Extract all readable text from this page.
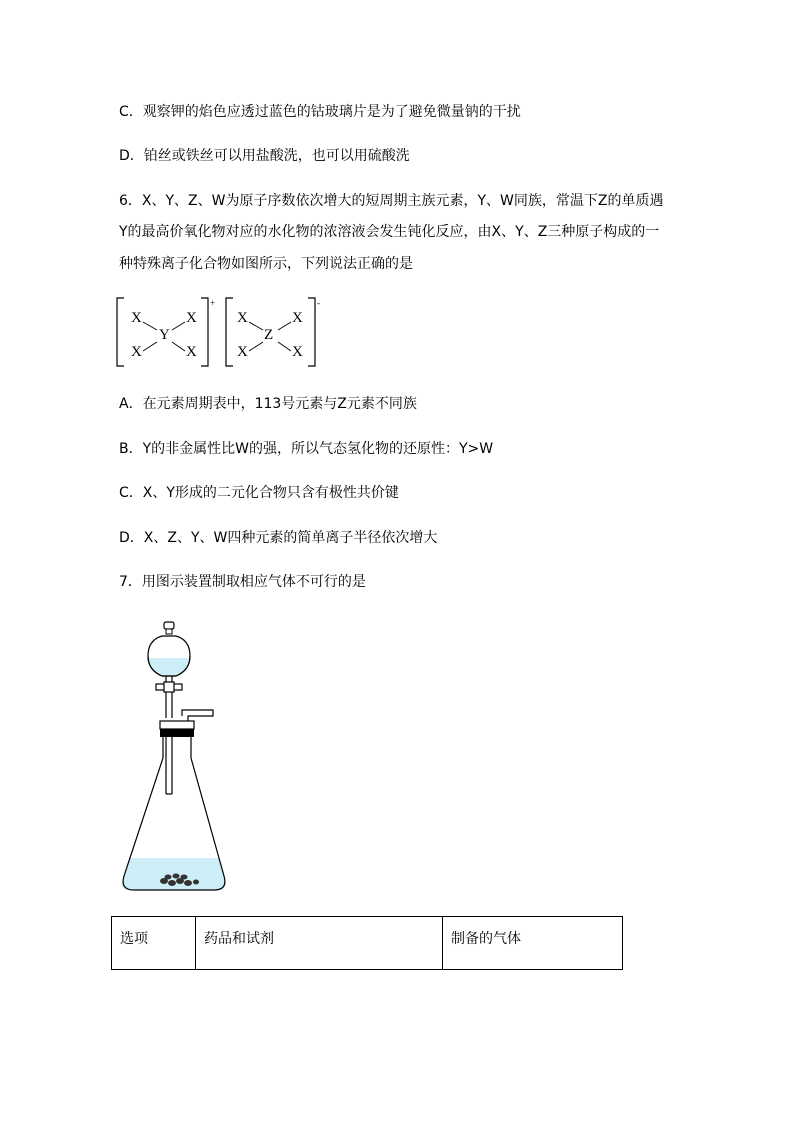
C．观察钾的焰色应透过蓝色的钴玻璃片是为了避免微量钠的干扰
D．铂丝或铁丝可以用盐酸洗，也可以用硫酸洗
6．X、Y、Z、W为原子序数依次增大的短周期主族元素，Y、W同族，常温下Z的单质遇
Y的最高价氧化物对应的水化物的浓溶液会发生钝化反应，由X、Y、Z三种原子构成的一
种特殊离子化合物如图所示，下列说法正确的是
+
X	X
X	X
Y
-
X	X
X	X
Z
A．在元素周期表中，113号元素与Z元素不同族
B．Y的非金属性比W的强，所以气态氢化物的还原性：Y>W
C．X、Y形成的二元化合物只含有极性共价键
D．X、Z、Y、W四种元素的简单离子半径依次增大
7．用图示装置制取相应气体不可行的是
选项	药品和试剂	制备的气体
